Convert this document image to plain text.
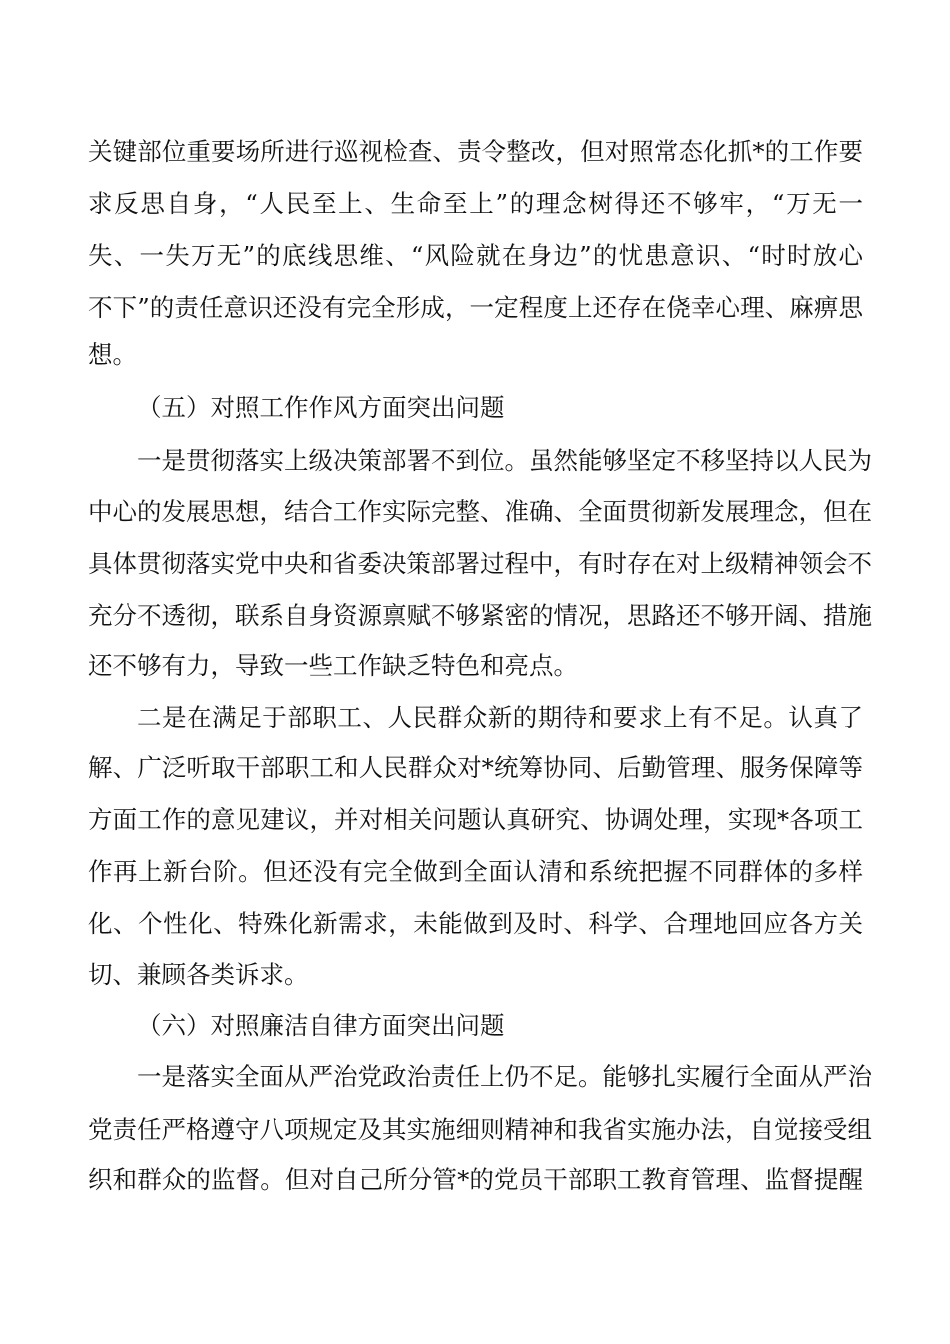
关键部位重要场所进行巡视检查、责令整改，但对照常态化抓*的工作要
求反思自身，“人民至上、生命至上”的理念树得还不够牢，“万无一
失、一失万无”的底线思维、“风险就在身边”的忧患意识、“时时放心
不下”的责任意识还没有完全形成，一定程度上还存在侥幸心理、麻痹思
想。
（五）对照工作作风方面突出问题
一是贯彻落实上级决策部署不到位。虽然能够坚定不移坚持以人民为
中心的发展思想，结合工作实际完整、准确、全面贯彻新发展理念，但在
具体贯彻落实党中央和省委决策部署过程中，有时存在对上级精神领会不
充分不透彻，联系自身资源禀赋不够紧密的情况，思路还不够开阔、措施
还不够有力，导致一些工作缺乏特色和亮点。
二是在满足于部职工、人民群众新的期待和要求上有不足。认真了
解、广泛听取干部职工和人民群众对*统筹协同、后勤管理、服务保障等
方面工作的意见建议，并对相关问题认真研究、协调处理，实现*各项工
作再上新台阶。但还没有完全做到全面认清和系统把握不同群体的多样
化、个性化、特殊化新需求，未能做到及时、科学、合理地回应各方关
切、兼顾各类诉求。
（六）对照廉洁自律方面突出问题
一是落实全面从严治党政治责任上仍不足。能够扎实履行全面从严治
党责任严格遵守八项规定及其实施细则精神和我省实施办法，自觉接受组
织和群众的监督。但对自己所分管*的党员干部职工教育管理、监督提醒
